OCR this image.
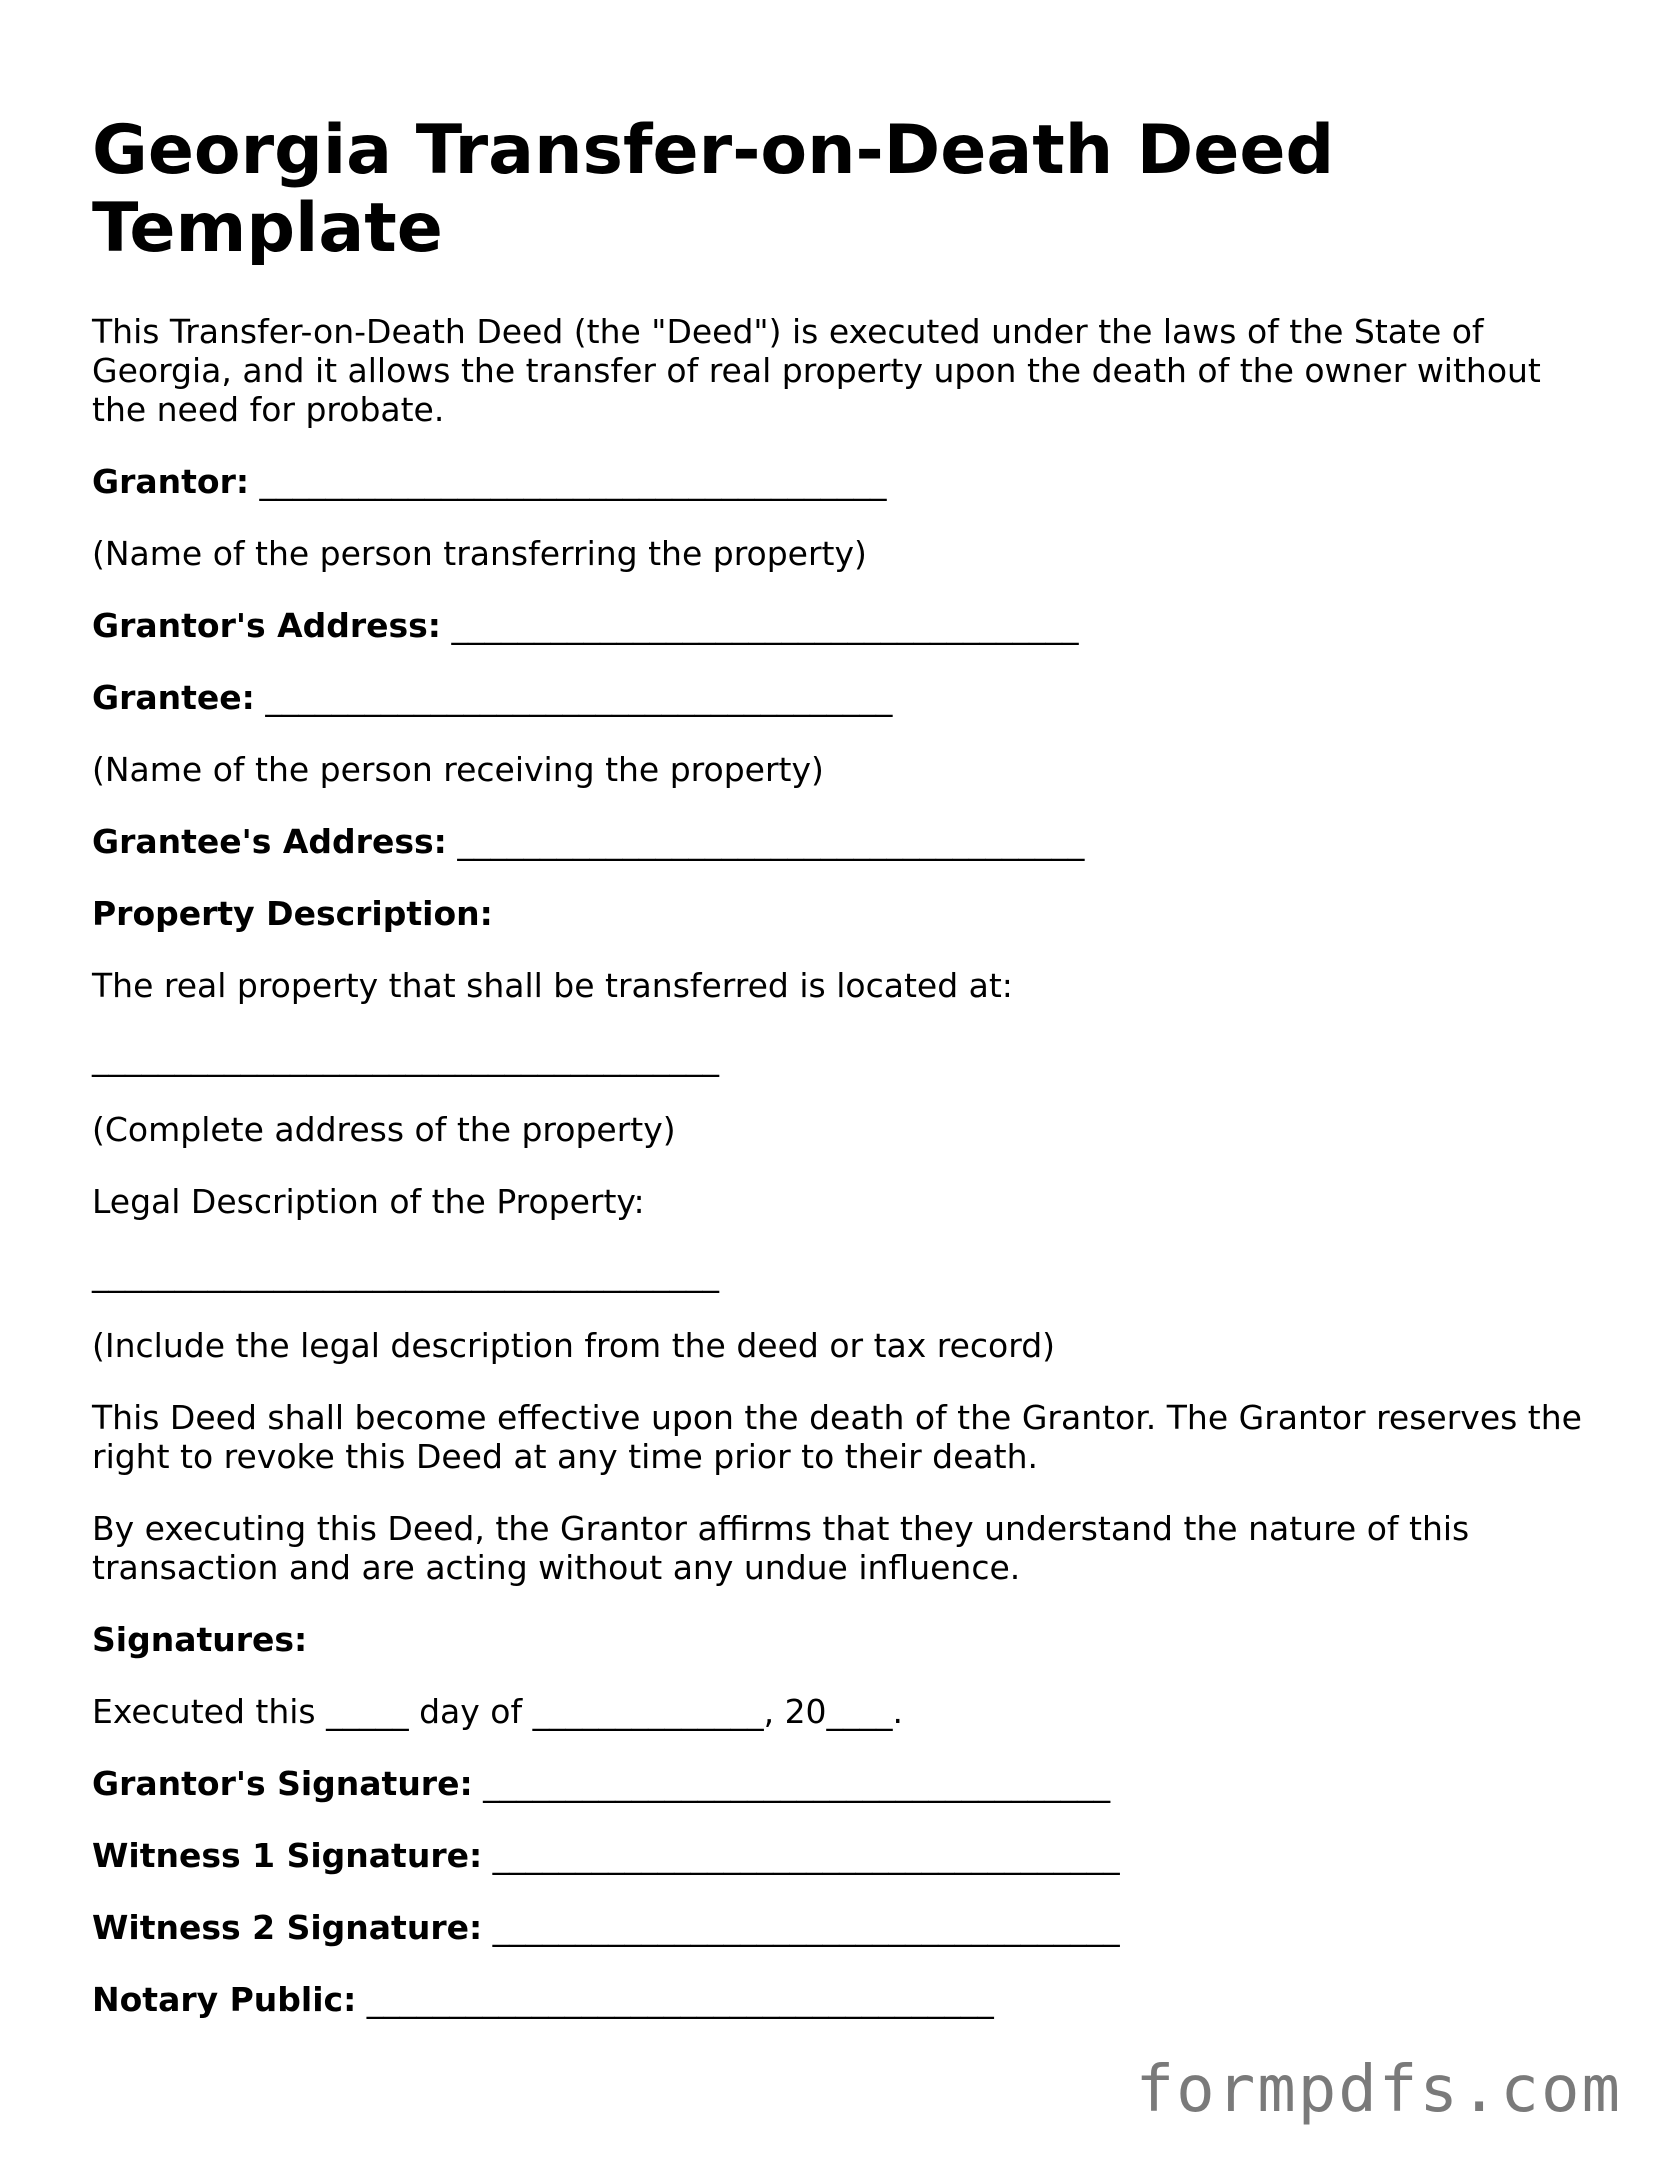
Georgia Transfer-on-Death Deed Template

This Transfer-on-Death Deed (the "Deed") is executed under the laws of the State of Georgia, and it allows the transfer of real property upon the death of the owner without the need for probate.

Grantor: ______________________________________

(Name of the person transferring the property)

Grantor's Address: ______________________________________

Grantee: ______________________________________

(Name of the person receiving the property)

Grantee's Address: ______________________________________

Property Description:

The real property that shall be transferred is located at:

______________________________________

(Complete address of the property)

Legal Description of the Property:

______________________________________

(Include the legal description from the deed or tax record)

This Deed shall become effective upon the death of the Grantor. The Grantor reserves the right to revoke this Deed at any time prior to their death.

By executing this Deed, the Grantor affirms that they understand the nature of this transaction and are acting without any undue influence.

Signatures:

Executed this _____ day of ______________, 20____.

Grantor's Signature: ______________________________________

Witness 1 Signature: ______________________________________

Witness 2 Signature: ______________________________________

Notary Public: ______________________________________

formpdfs.com
